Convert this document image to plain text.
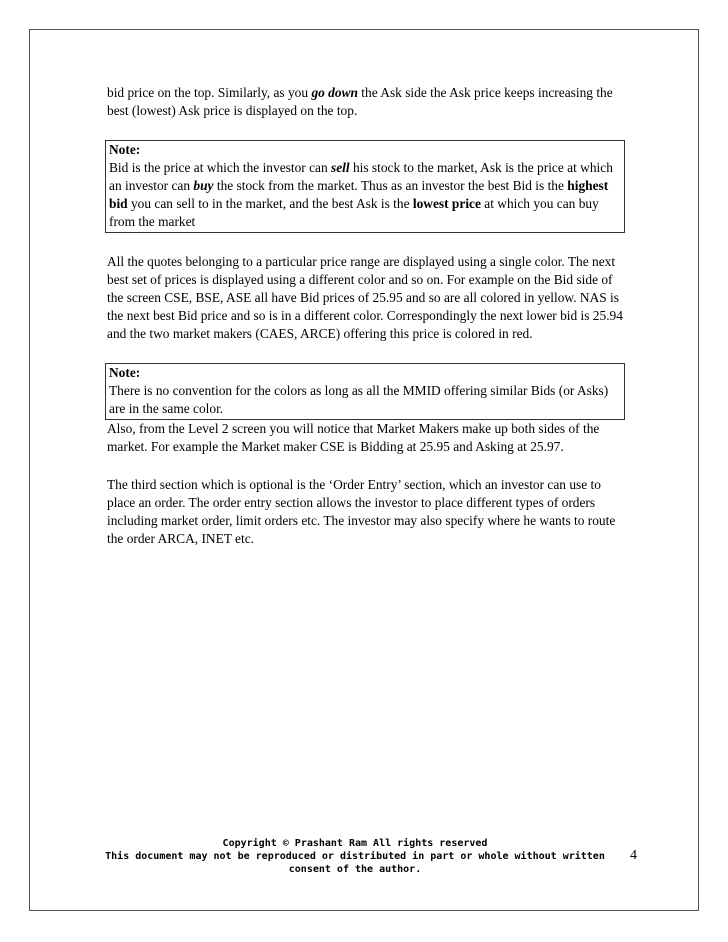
bid price on the top. Similarly, as you go down the Ask side the Ask price keeps increasing the best (lowest) Ask price is displayed on the top.

Note:

Bid is the price at which the investor can sell his stock to the market, Ask is the price at which an investor can buy the stock from the market. Thus as an investor the best Bid is the highest bid you can sell to in the market, and the best Ask is the lowest price at which you can buy from the market

All the quotes belonging to a particular price range are displayed using a single color. The next best set of prices is displayed using a different color and so on. For example on the Bid side of the screen CSE, BSE, ASE all have Bid prices of 25.95 and so are all colored in yellow. NAS is the next best Bid price and so is in a different color. Correspondingly the next lower bid is 25.94 and the two market makers (CAES, ARCE) offering this price is colored in red.

Note:

There is no convention for the colors as long as all the MMID offering similar Bids (or Asks) are in the same color.

Also, from the Level 2 screen you will notice that Market Makers make up both sides of the market. For example the Market maker CSE is Bidding at 25.95 and Asking at 25.97.

The third section which is optional is the ‘Order Entry’ section, which an investor can use to place an order. The order entry section allows the investor to place different types of orders including market order, limit orders etc. The investor may also specify where he wants to route the order ARCA, INET etc.

Copyright © Prashant Ram All rights reserved
This document may not be reproduced or distributed in part or whole without written
consent of the author.
4
